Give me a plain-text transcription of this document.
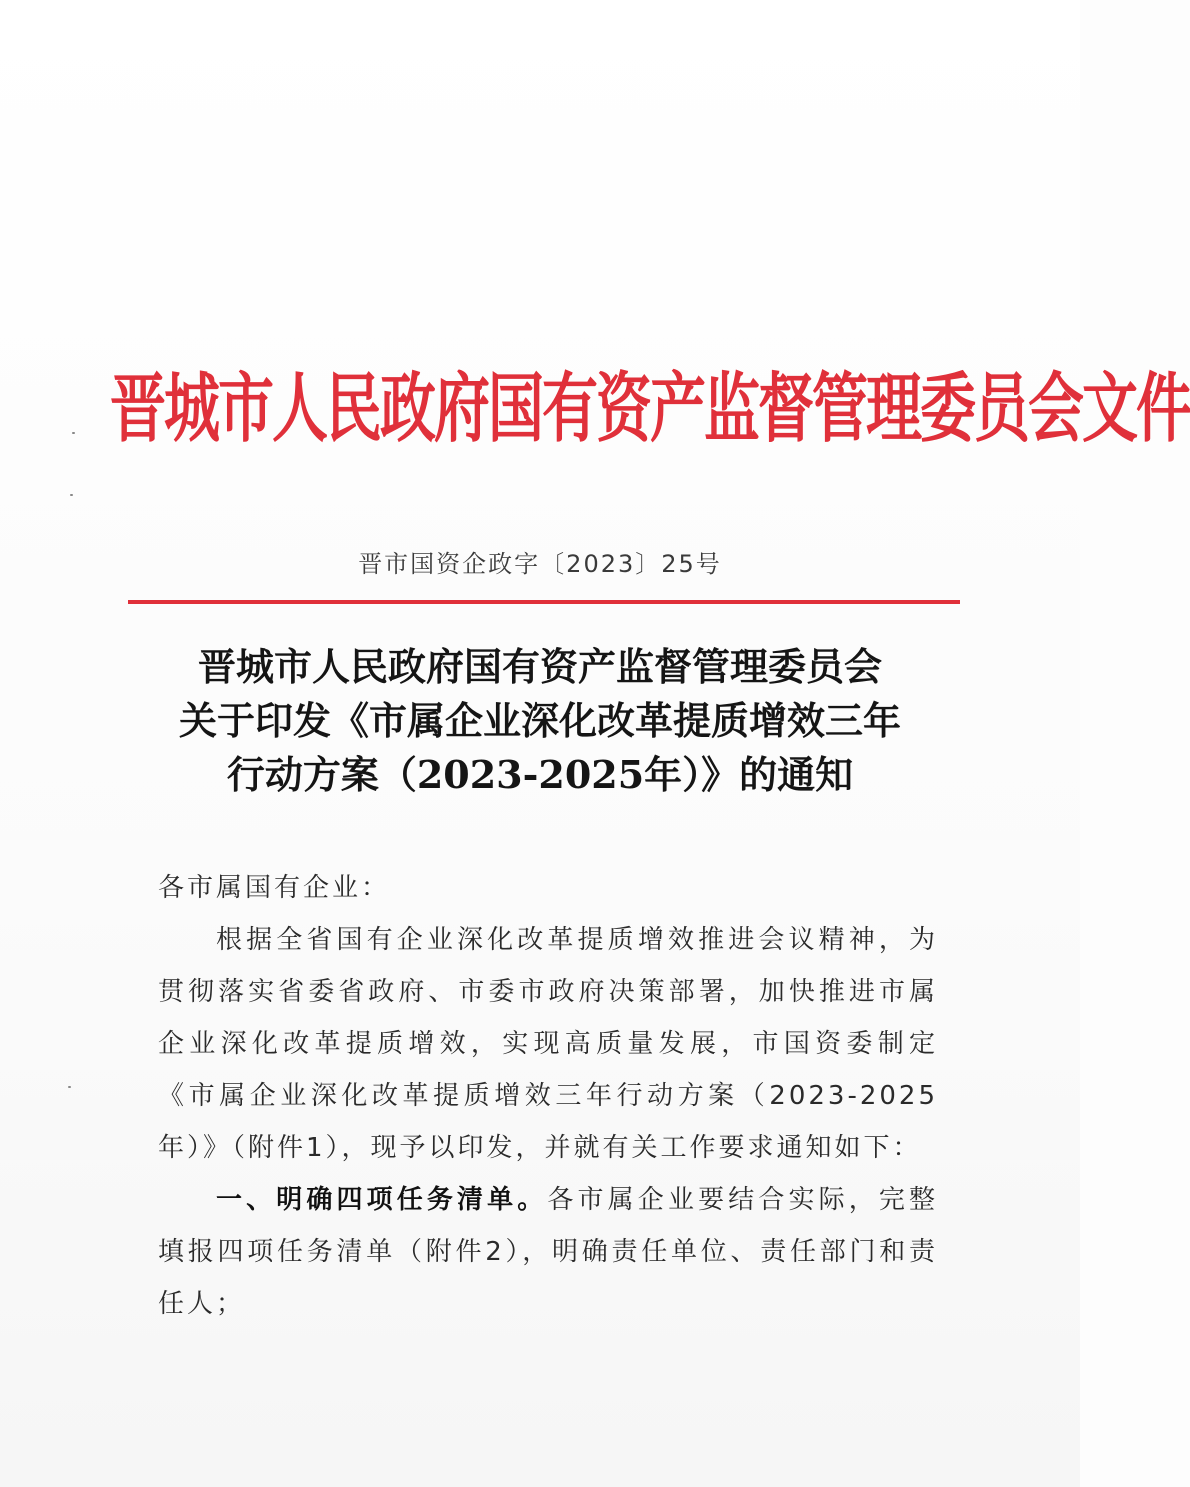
晋城市人民政府国有资产监督管理委员会文件
晋市国资企政字〔2023〕25号
晋城市人民政府国有资产监督管理委员会
关于印发《市属企业深化改革提质增效三年
行动方案（2023-2025年）》的通知

各市属国有企业：

根据全省国有企业深化改革提质增效推进会议精神，为贯彻落实省委省政府、市委市政府决策部署，加快推进市属企业深化改革提质增效，实现高质量发展，市国资委制定《市属企业深化改革提质增效三年行动方案（2023-2025年）》（附件1），现予以印发，并就有关工作要求通知如下：

一、明确四项任务清单。各市属企业要结合实际，完整填报四项任务清单（附件2），明确责任单位、责任部门和责任人；
